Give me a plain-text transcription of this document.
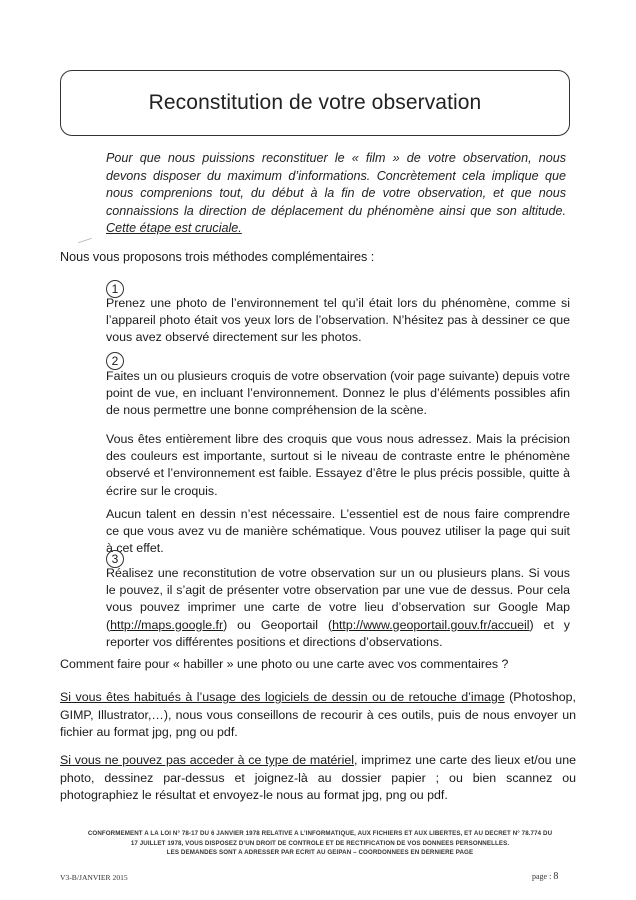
Reconstitution de votre observation
Pour que nous puissions reconstituer le « film » de votre observation, nous devons disposer du maximum d’informations. Concrètement cela implique que nous comprenions tout, du début à la fin de votre observation, et que nous connaissions la direction de déplacement du phénomène ainsi que son altitude. Cette étape est cruciale.
Nous vous proposons trois méthodes complémentaires :
1
Prenez une photo de l’environnement tel qu’il était lors du phénomène, comme si l’appareil photo était vos yeux lors de l’observation. N’hésitez pas à dessiner ce que vous avez observé directement sur les photos.
2
Faites un ou plusieurs croquis de votre observation (voir page suivante) depuis votre point de vue, en incluant l’environnement. Donnez le plus d’éléments possibles afin de nous permettre une bonne compréhension de la scène.
Vous êtes entièrement libre des croquis que vous nous adressez. Mais la précision des couleurs est importante, surtout si le niveau de contraste entre le phénomène observé et l’environnement est faible. Essayez d’être le plus précis possible, quitte à écrire sur le croquis.
Aucun talent en dessin n’est nécessaire. L’essentiel est de nous faire comprendre ce que vous avez vu de manière schématique. Vous pouvez utiliser la page qui suit à cet effet.
3
Réalisez une reconstitution de votre observation sur un ou plusieurs plans. Si vous le pouvez, il s’agit de présenter votre observation par une vue de dessus. Pour cela vous pouvez imprimer une carte de votre lieu d’observation sur Google Map (http://maps.google.fr) ou Geoportail (http://www.geoportail.gouv.fr/accueil) et y reporter vos différentes positions et directions d’observations.
Comment faire pour « habiller » une photo ou une carte avec vos commentaires ?
Si vous êtes habitués à l’usage des logiciels de dessin ou de retouche d’image (Photoshop, GIMP, Illustrator,…), nous vous conseillons de recourir à ces outils, puis de nous envoyer un fichier au format jpg, png ou pdf.
Si vous ne pouvez pas acceder à ce type de matériel, imprimez une carte des lieux et/ou une photo, dessinez par-dessus et joignez-là au dossier papier ; ou bien scannez ou photographiez le résultat et envoyez-le nous au format jpg, png ou pdf.
CONFORMEMENT A LA LOI N° 78-17 DU 6 JANVIER 1978 RELATIVE A L’INFORMATIQUE, AUX FICHIERS ET AUX LIBERTES, ET AU DECRET N° 78.774 DU
17 JUILLET 1978, VOUS DISPOSEZ D’UN DROIT DE CONTROLE ET DE RECTIFICATION DE VOS DONNEES PERSONNELLES.
LES DEMANDES SONT A ADRESSER PAR ECRIT AU GEIPAN – COORDONNEES EN DERNIERE PAGE
V3-B/JANVIER 2015	page : 8
